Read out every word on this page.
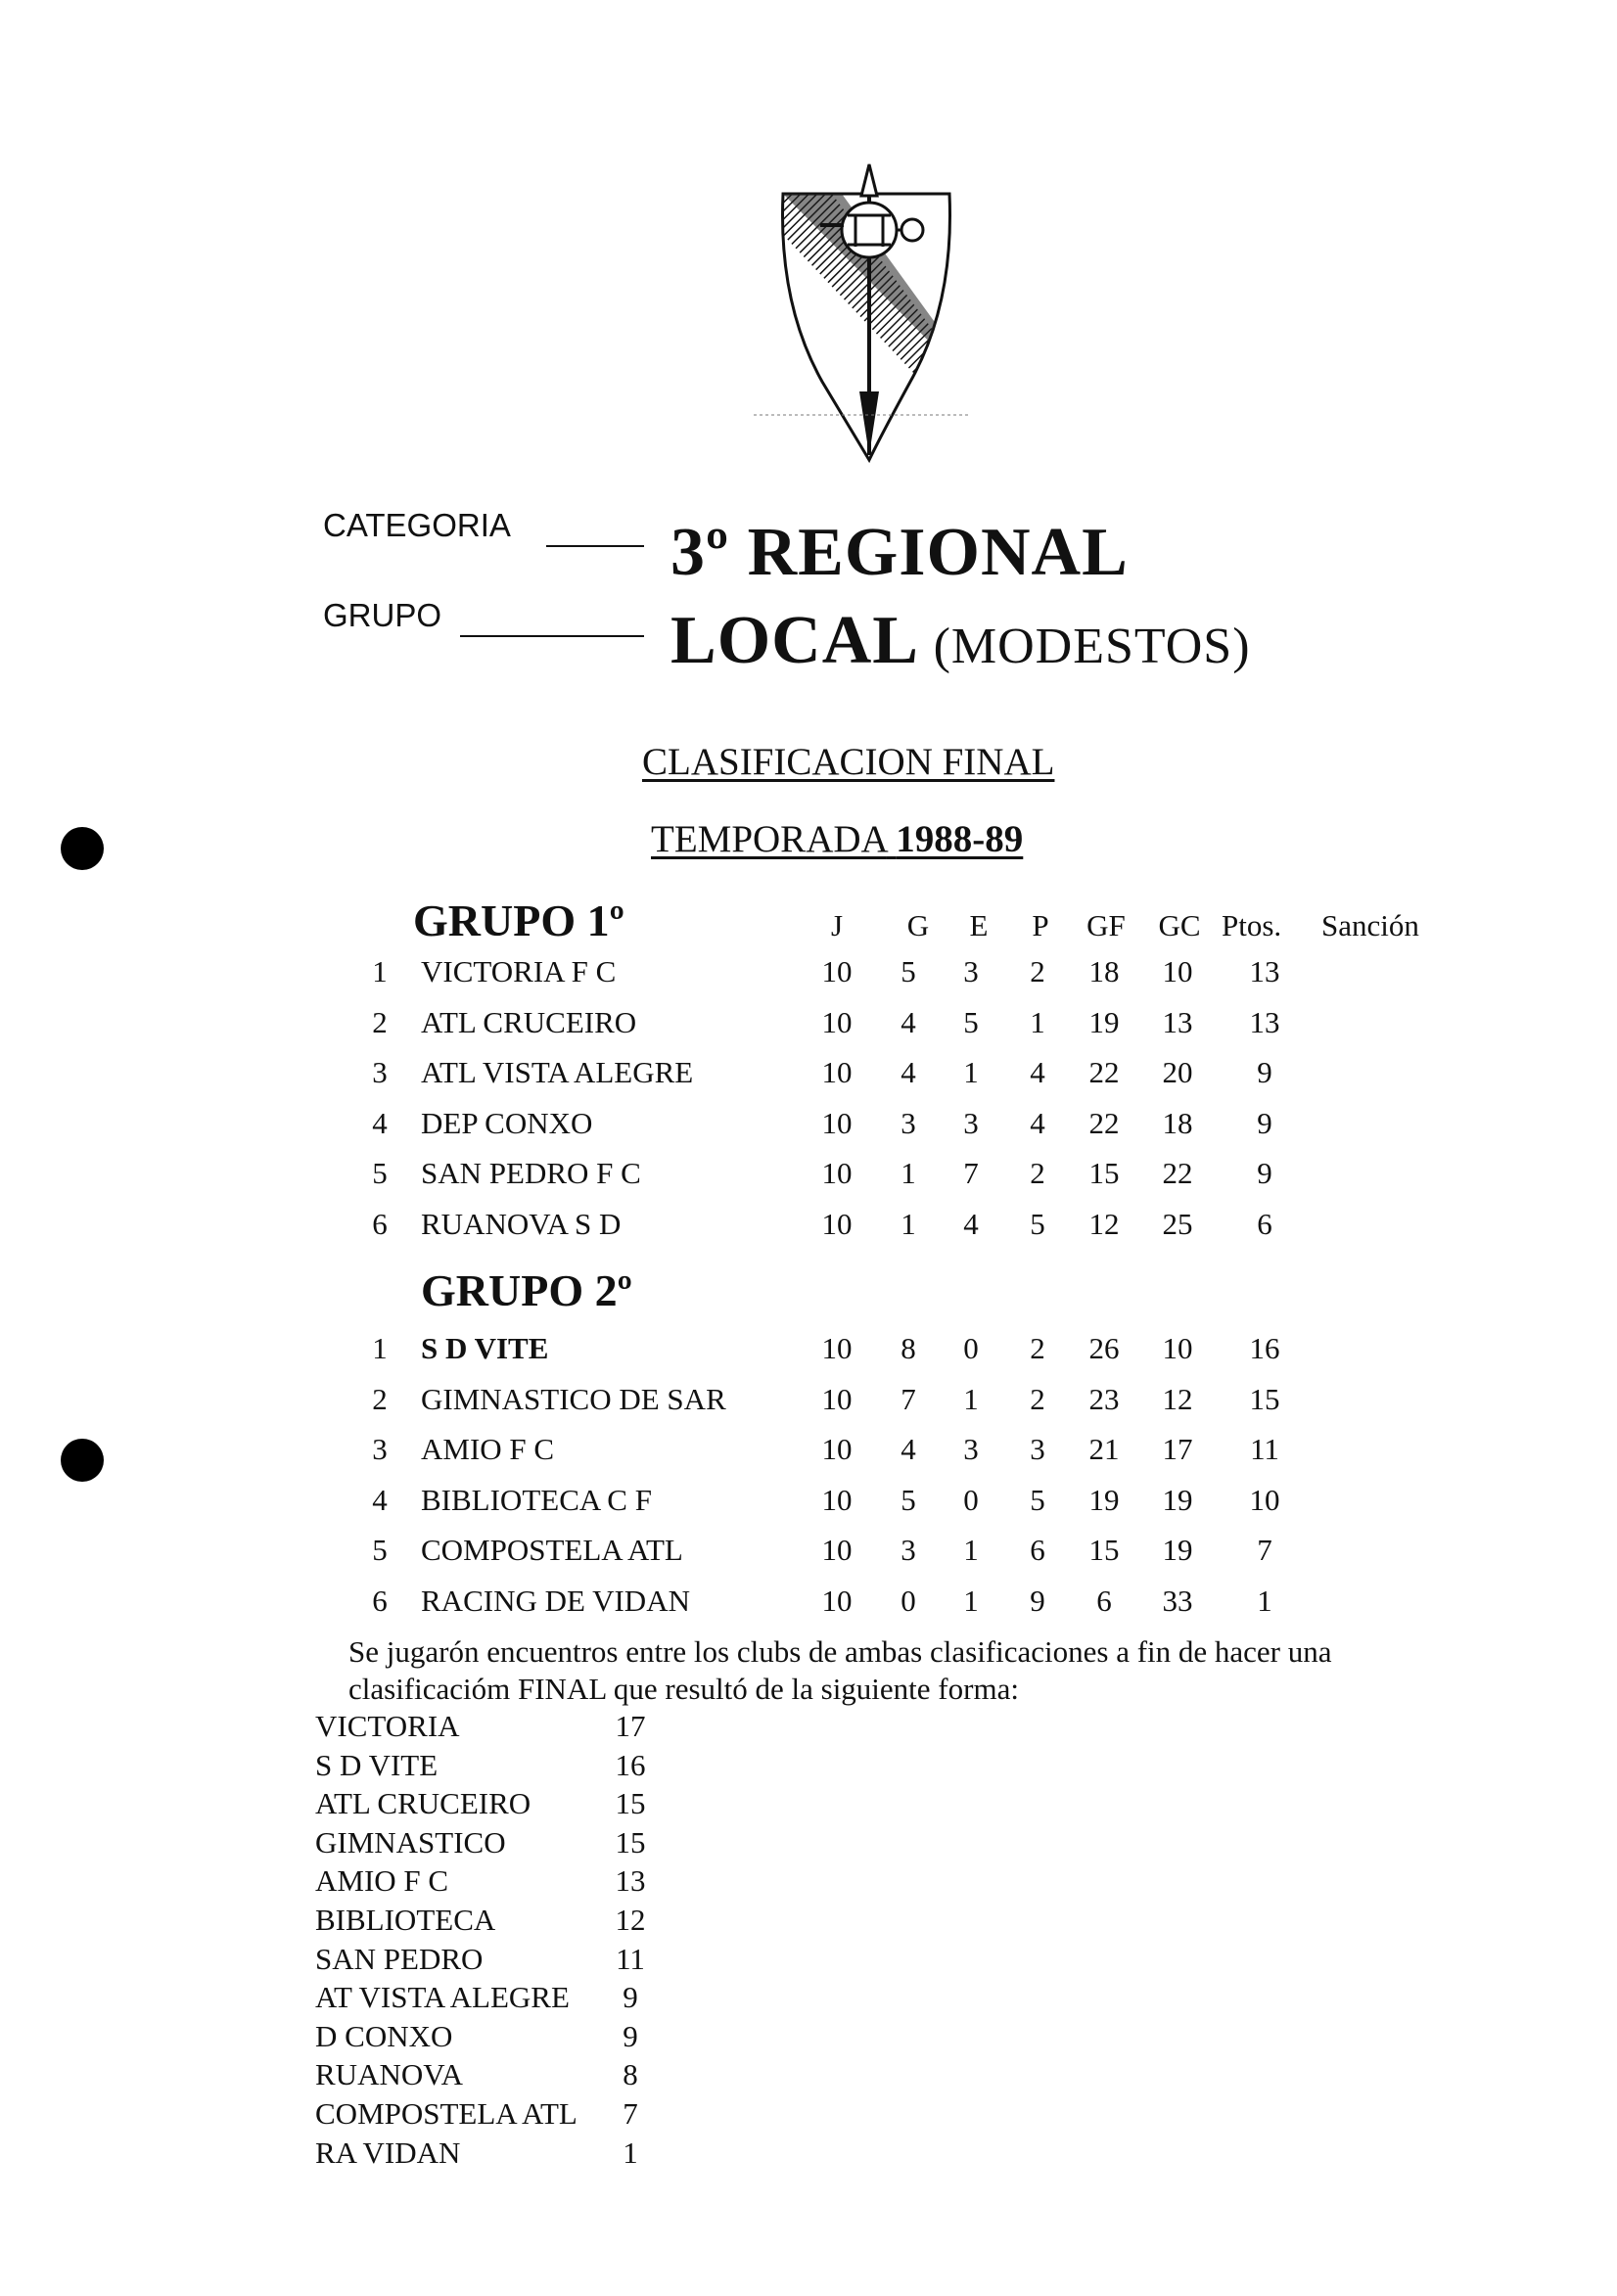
CATEGORIA 3º REGIONAL
GRUPO	LOCAL (MODESTOS)
CLASIFICACION FINAL
TEMPORADA 1988-89
GRUPO 1º	J	G	E	P	GF	GC Ptos. Sanción
1	VICTORIA F C	10	5	3	2	18	10	13
2	ATL CRUCEIRO	10	4	5	1	19	13	13
3	ATL VISTA ALEGRE	10	4	1	4	22	20	9
4	DEP CONXO	10	3	3	4	22	18	9
5	SAN PEDRO F C	10	1	7	2	15	22	9
6	RUANOVA S D	10	1	4	5	12	25	6
GRUPO 2º
1	S D VITE	10	8	0	2	26	10	16
2	GIMNASTICO DE SAR	10	7	1	2	23	12	15
3	AMIO F C	10	4	3	3	21	17	11
4	BIBLIOTECA C F	10	5	0	5	19	19	10
5	COMPOSTELA ATL	10	3	1	6	15	19	7
6	RACING DE VIDAN	10	0	1	9	6	33	1
Se jugarón encuentros entre los clubs de ambas clasificaciones a fin de hacer una
clasificacióm FINAL que resultó de la siguiente forma:
VICTORIA	17
S D VITE	16
ATL CRUCEIRO	15
GIMNASTICO	15
AMIO F C	13
BIBLIOTECA	12
SAN PEDRO	11
AT VISTA ALEGRE	9
D CONXO	9
RUANOVA	8
COMPOSTELA ATL	7
RA VIDAN	1
